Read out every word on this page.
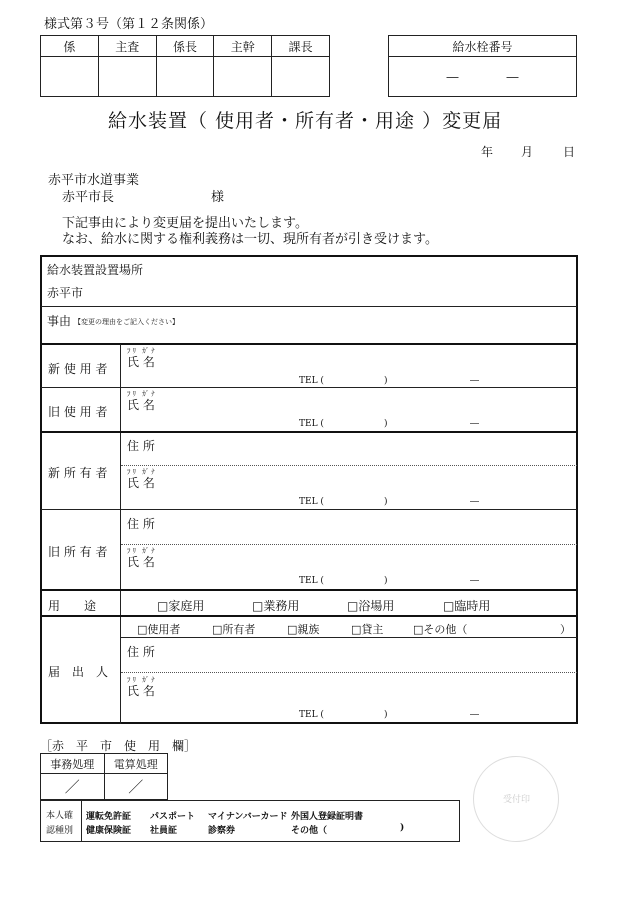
様式第３号（第１２条関係）
係	主査	係長	主幹	課長
					給水栓番号
―	―
給水装置（ 使用者・所有者・用途 ）変更届
年 月 日
赤平市水道事業
赤平市長	様
下記事由により変更届を提出いたします。
なお、給水に関する権利義務は一切、現所有者が引き受けます。
給水装置設置場所
赤平市
事由 【変更の理由をご記入ください】
新 使 用 者
ﾌﾘ ｶﾞﾅ
氏 名
TEL (	)	―
旧 使 用 者
ﾌﾘ ｶﾞﾅ
氏 名
TEL (	)	―
新 所 有 者
住 所
ﾌﾘ ｶﾞﾅ
氏 名
TEL (	)	―
旧 所 有 者
住 所
ﾌﾘ ｶﾞﾅ
氏 名
TEL (	)	―
用　　途	□家庭用	□業務用	□浴場用	□臨時用
届　出　人
□使用者	□所有者	□親族	□貸主	□その他（	）
住 所
ﾌﾘ ｶﾞﾅ
氏 名
TEL (	)	―
［赤　平　市　使　用　欄］
事務処理	電算処理
／	／
本人確
認種別
運転免許証 パスポート マイナンバーカード 外国人登録証明書
健康保険証 社員証	診察券	その他（	)
受付印
